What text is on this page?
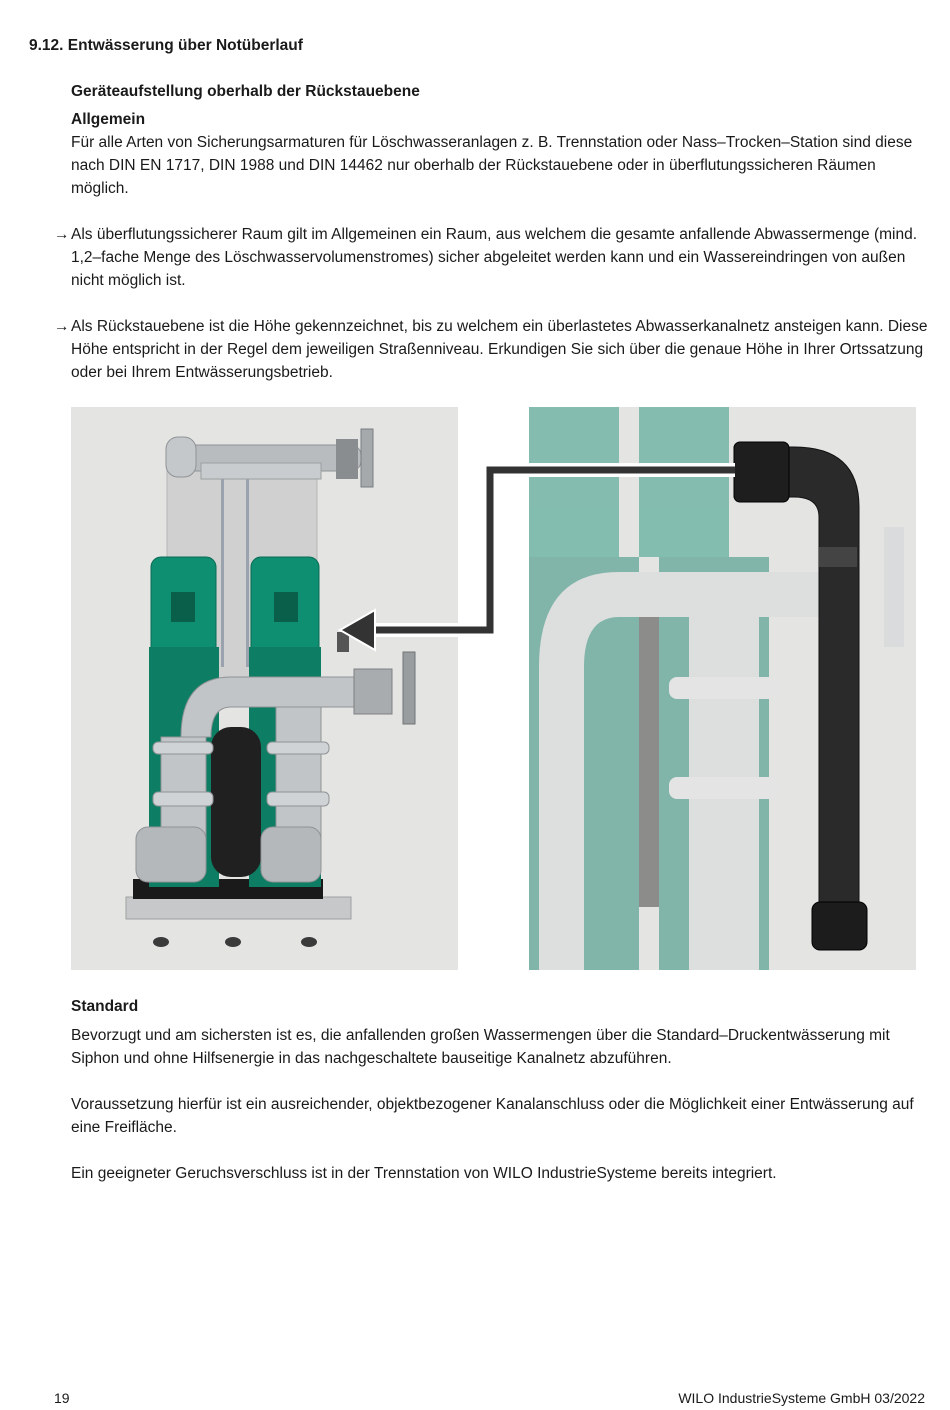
9.12. Entwässerung über Notüberlauf
Geräteaufstellung oberhalb der Rückstauebene
Allgemein
Für alle Arten von Sicherungsarmaturen für Löschwasseranlagen z. B. Trennstation oder Nass–Trocken–Station sind diese nach DIN EN 1717, DIN 1988 und DIN 14462 nur oberhalb der Rückstauebene oder in überflutungssicheren Räumen möglich.
→ Als überflutungssicherer Raum gilt im Allgemeinen ein Raum, aus welchem die gesamte anfallende Abwassermenge (mind. 1,2–fache Menge des Löschwasservolumenstromes) sicher abgeleitet werden kann und ein Wassereindringen von außen nicht möglich ist.
→ Als Rückstauebene ist die Höhe gekennzeichnet, bis zu welchem ein überlastetes Abwasserkanalnetz ansteigen kann. Diese Höhe entspricht in der Regel dem jeweiligen Straßenniveau. Erkundigen Sie sich über die genaue Höhe in Ihrer Ortssatzung oder bei Ihrem Entwässerungsbetrieb.
Standard
Bevorzugt und am sichersten ist es, die anfallenden großen Wassermengen über die Standard–Druckentwässerung mit Siphon und ohne Hilfsenergie in das nachgeschaltete bauseitige Kanalnetz abzuführen.
Voraussetzung hierfür ist ein ausreichender, objektbezogener Kanalanschluss oder die Möglichkeit einer Entwässerung auf eine Freifläche.
Ein geeigneter Geruchsverschluss ist in der Trennstation von WILO IndustrieSysteme bereits integriert.
19	WILO IndustrieSysteme GmbH 03/2022
